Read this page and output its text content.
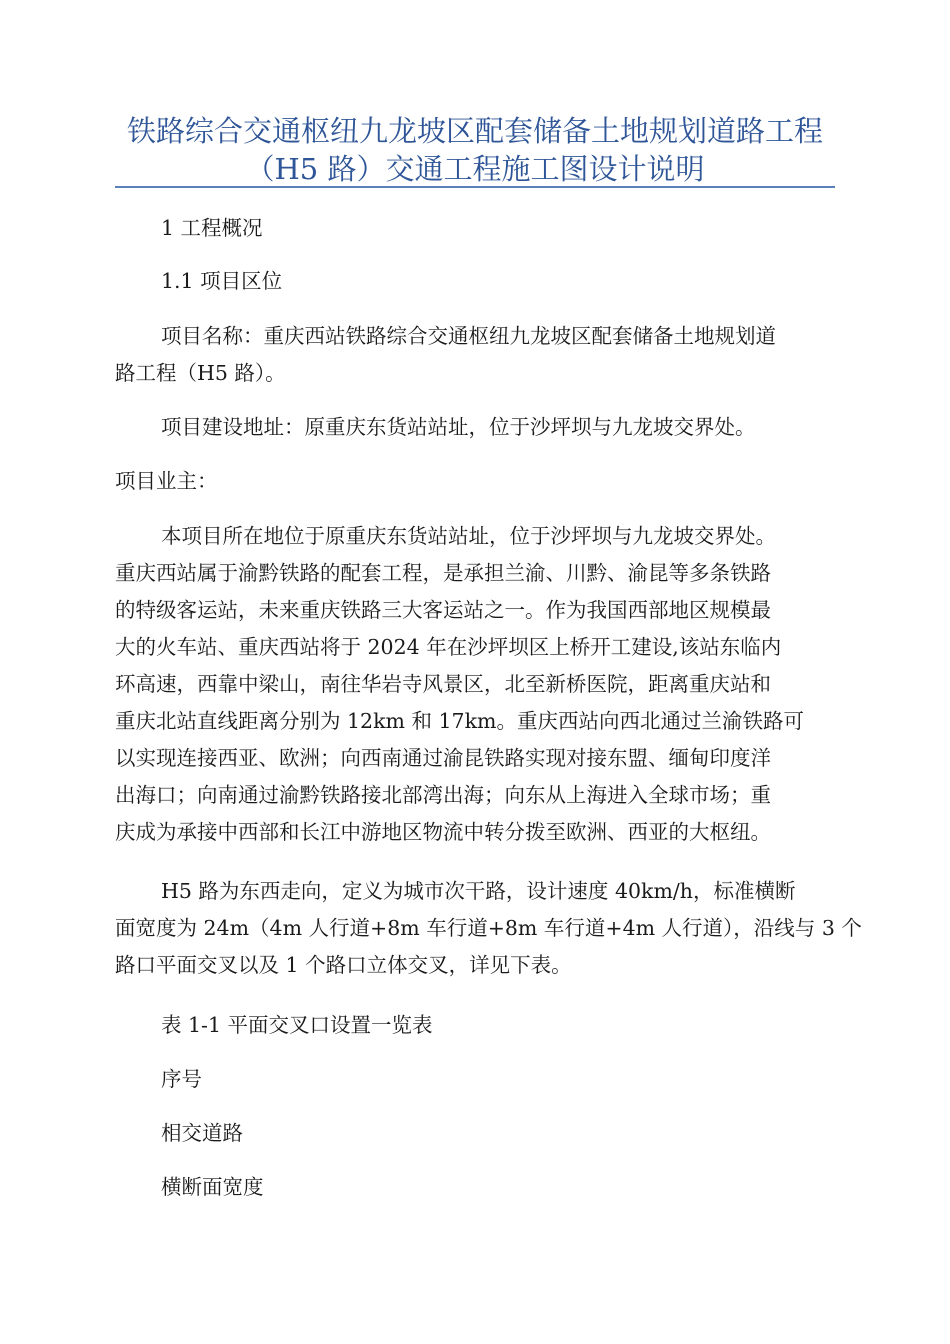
铁路综合交通枢纽九龙坡区配套储备土地规划道路工程
（H5 路）交通工程施工图设计说明
1 工程概况
1.1 项目区位
项目名称：重庆西站铁路综合交通枢纽九龙坡区配套储备土地规划道
路工程（H5 路）。
项目建设地址：原重庆东货站站址，位于沙坪坝与九龙坡交界处。
项目业主：
本项目所在地位于原重庆东货站站址，位于沙坪坝与九龙坡交界处。
重庆西站属于渝黔铁路的配套工程，是承担兰渝、川黔、渝昆等多条铁路
的特级客运站，未来重庆铁路三大客运站之一。作为我国西部地区规模最
大的火车站、重庆西站将于 2024 年在沙坪坝区上桥开工建设,该站东临内
环高速，西靠中梁山，南往华岩寺风景区，北至新桥医院，距离重庆站和
重庆北站直线距离分别为 12km 和 17km。重庆西站向西北通过兰渝铁路可
以实现连接西亚、欧洲；向西南通过渝昆铁路实现对接东盟、缅甸印度洋
出海口；向南通过渝黔铁路接北部湾出海；向东从上海进入全球市场；重
庆成为承接中西部和长江中游地区物流中转分拨至欧洲、西亚的大枢纽。
H5 路为东西走向，定义为城市次干路，设计速度 40km/h，标准横断
面宽度为 24m（4m 人行道+8m 车行道+8m 车行道+4m 人行道），沿线与 3 个
路口平面交叉以及 1 个路口立体交叉，详见下表。
表 1-1 平面交叉口设置一览表
序号
相交道路
横断面宽度
